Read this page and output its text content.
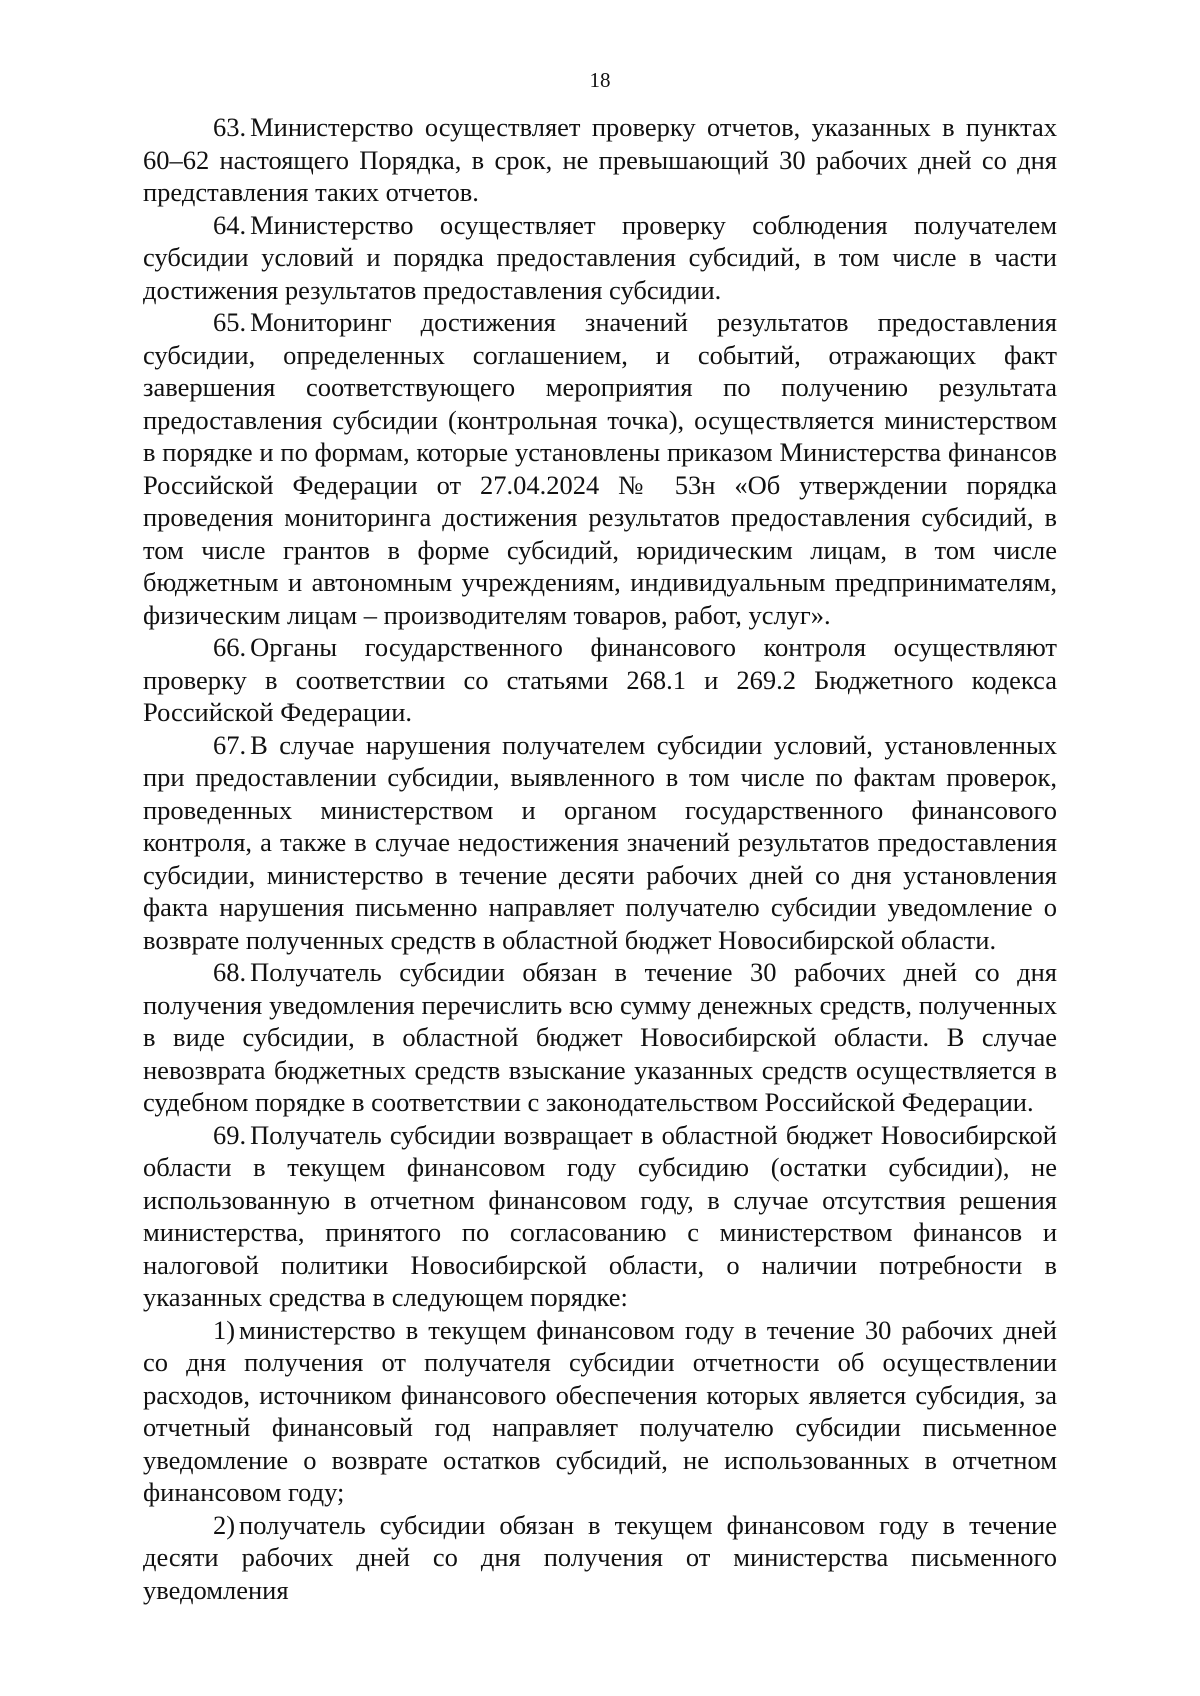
18

63. Министерство осуществляет проверку отчетов, указанных в пунктах 60–62 настоящего Порядка, в срок, не превышающий 30 рабочих дней со дня представления таких отчетов.

64. Министерство осуществляет проверку соблюдения получателем субсидии условий и порядка предоставления субсидий, в том числе в части достижения результатов предоставления субсидии.

65. Мониторинг достижения значений результатов предоставления субсидии, определенных соглашением, и событий, отражающих факт завершения соответствующего мероприятия по получению результата предоставления субсидии (контрольная точка), осуществляется министерством в порядке и по формам, которые установлены приказом Министерства финансов Российской Федерации от 27.04.2024 № 53н «Об утверждении порядка проведения мониторинга достижения результатов предоставления субсидий, в том числе грантов в форме субсидий, юридическим лицам, в том числе бюджетным и автономным учреждениям, индивидуальным предпринимателям, физическим лицам – производителям товаров, работ, услуг».

66. Органы государственного финансового контроля осуществляют проверку в соответствии со статьями 268.1 и 269.2 Бюджетного кодекса Российской Федерации.

67. В случае нарушения получателем субсидии условий, установленных при предоставлении субсидии, выявленного в том числе по фактам проверок, проведенных министерством и органом государственного финансового контроля, а также в случае недостижения значений результатов предоставления субсидии, министерство в течение десяти рабочих дней со дня установления факта нарушения письменно направляет получателю субсидии уведомление о возврате полученных средств в областной бюджет Новосибирской области.

68. Получатель субсидии обязан в течение 30 рабочих дней со дня получения уведомления перечислить всю сумму денежных средств, полученных в виде субсидии, в областной бюджет Новосибирской области. В случае невозврата бюджетных средств взыскание указанных средств осуществляется в судебном порядке в соответствии с законодательством Российской Федерации.

69. Получатель субсидии возвращает в областной бюджет Новосибирской области в текущем финансовом году субсидию (остатки субсидии), не использованную в отчетном финансовом году, в случае отсутствия решения министерства, принятого по согласованию с министерством финансов и налоговой политики Новосибирской области, о наличии потребности в указанных средства в следующем порядке:

1) министерство в текущем финансовом году в течение 30 рабочих дней со дня получения от получателя субсидии отчетности об осуществлении расходов, источником финансового обеспечения которых является субсидия, за отчетный финансовый год направляет получателю субсидии письменное уведомление о возврате остатков субсидий, не использованных в отчетном финансовом году;

2) получатель субсидии обязан в текущем финансовом году в течение десяти рабочих дней со дня получения от министерства письменного уведомления
